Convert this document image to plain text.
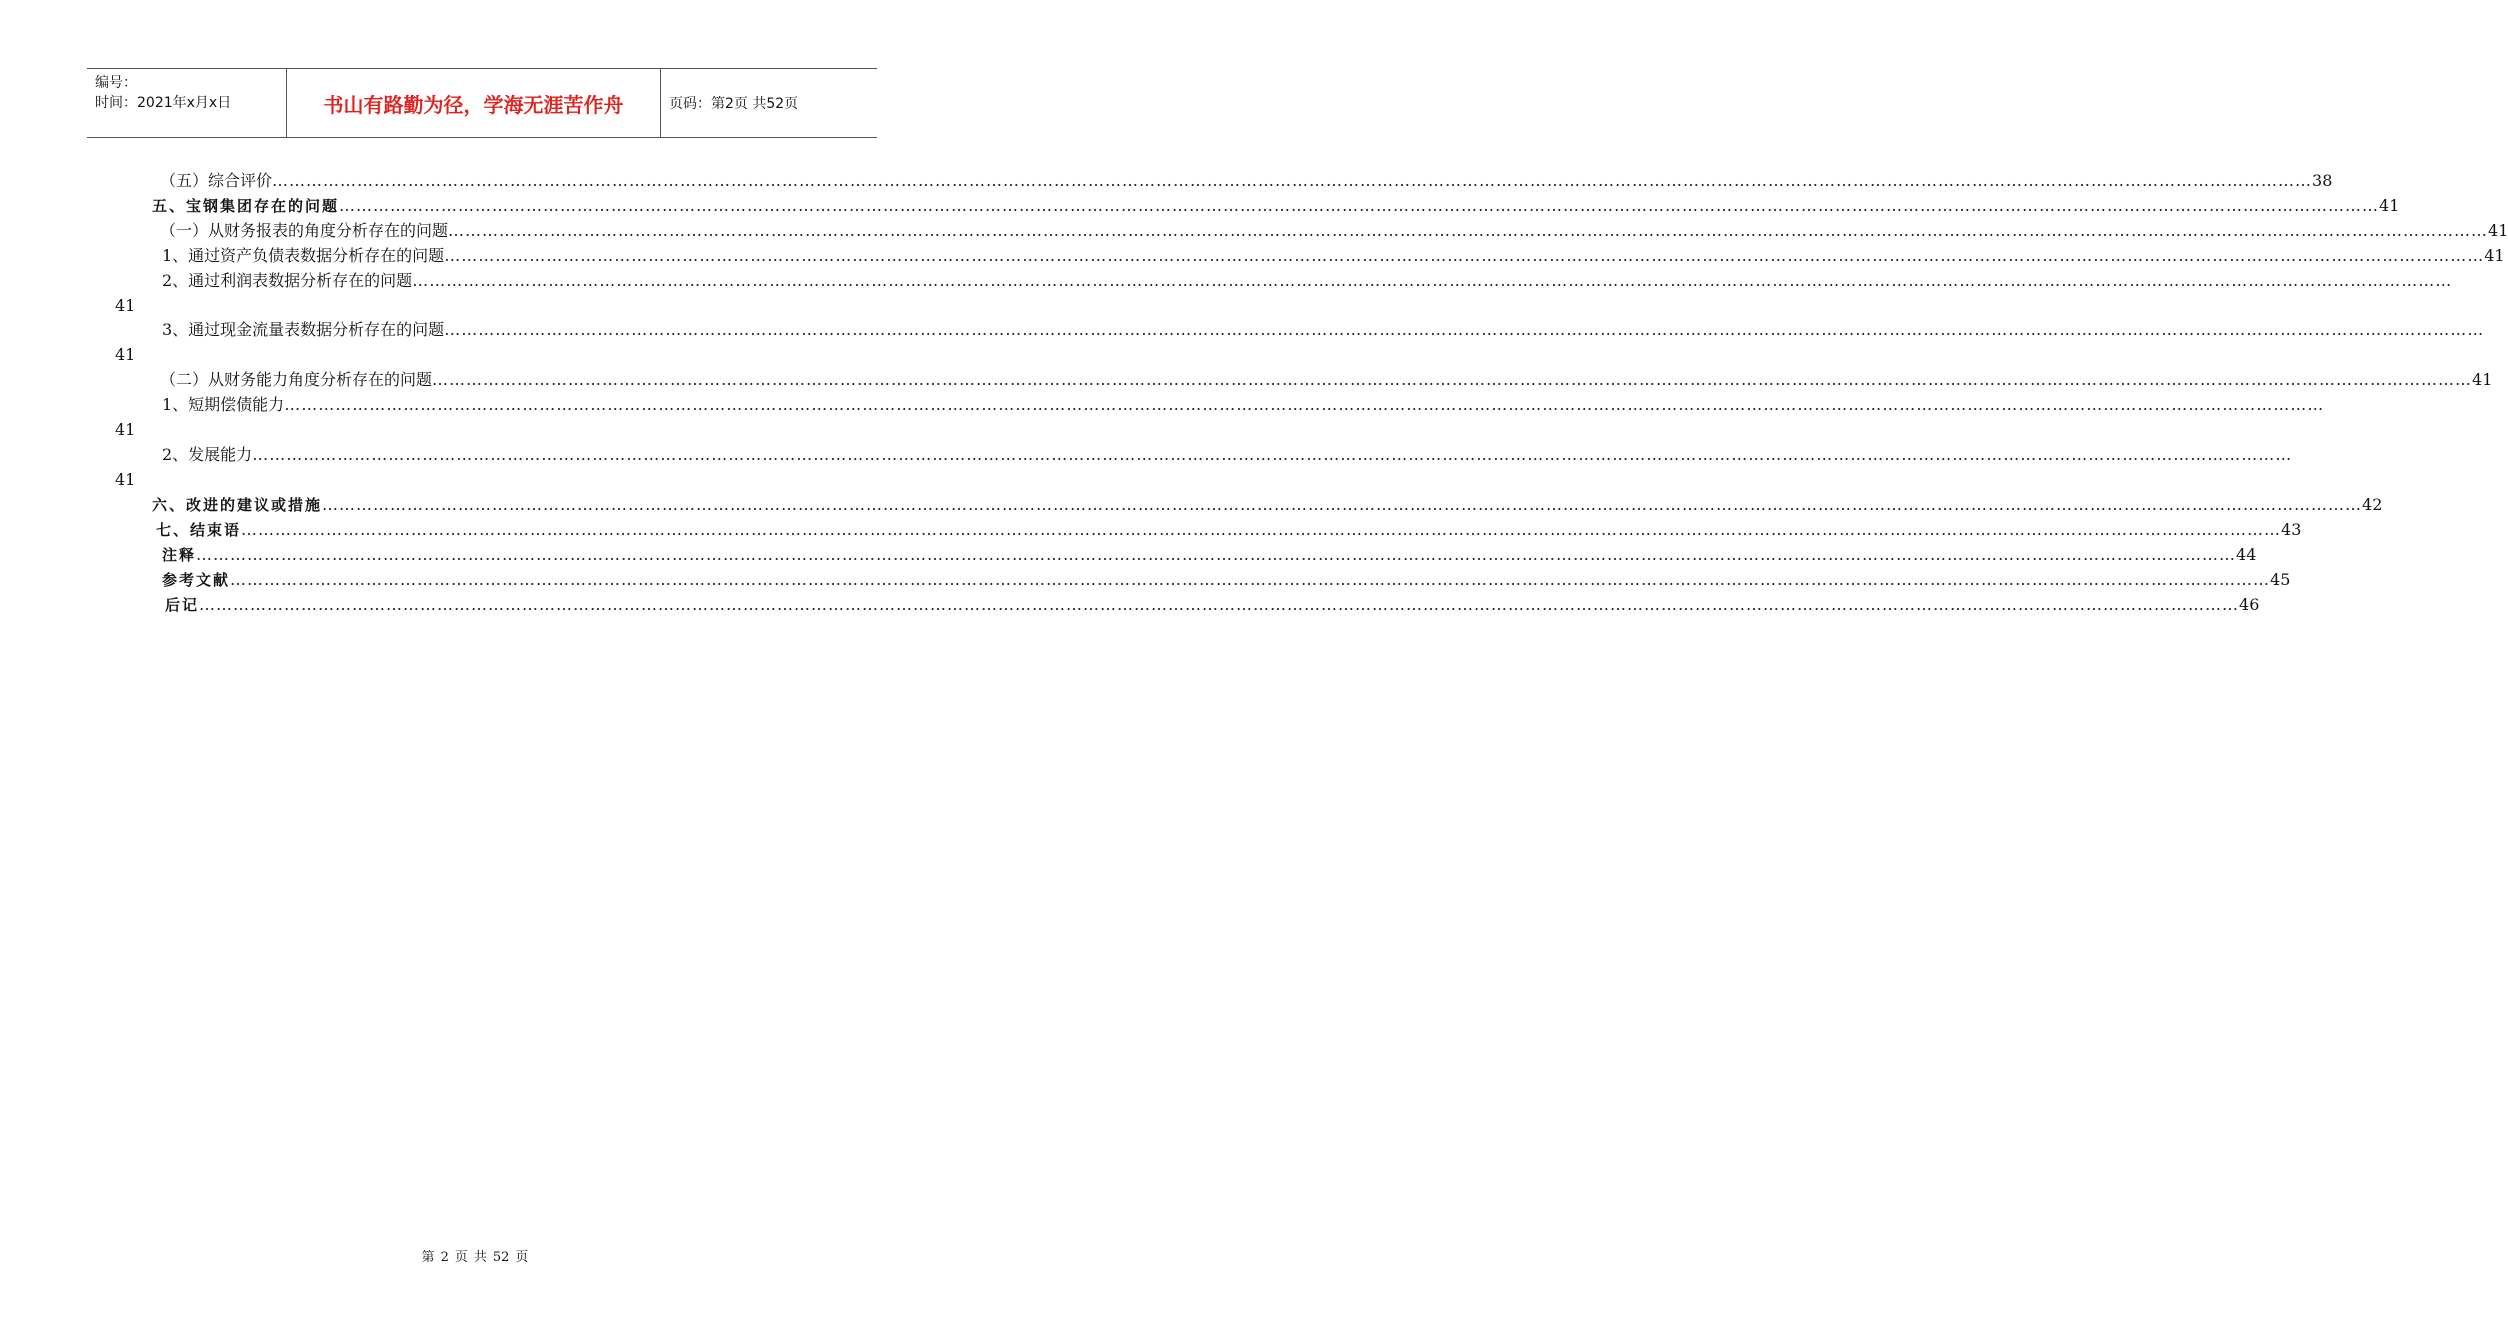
编号：
时间：2021年x月x日	书山有路勤为径，学海无涯苦作舟	页码：第2页 共52页
（五）综合评价 ……………………………………………………………………………………………………………………………………………………………………………………………………………………………………………………………………………………………………………………………… 38
五、宝钢集团存在的问题 ……………………………………………………………………………………………………………………………………………………………………………………………………………………………………………………………………………………………………………………………… 41
（一）从财务报表的角度分析存在的问题 ……………………………………………………………………………………………………………………………………………………………………………………………………………………………………………………………………………………………………………………………… 41
1、通过资产负债表数据分析存在的问题 ……………………………………………………………………………………………………………………………………………………………………………………………………………………………………………………………………………………………………………………………… 41
2、通过利润表数据分析存在的问题 ………………………………………………………………………………………………………………………………………………………………………………………………………………………………………………………………………………………………………………………………
41
3、通过现金流量表数据分析存在的问题 ………………………………………………………………………………………………………………………………………………………………………………………………………………………………………………………………………………………………………………………………
41
（二）从财务能力角度分析存在的问题 ……………………………………………………………………………………………………………………………………………………………………………………………………………………………………………………………………………………………………………………………… 41
1、短期偿债能力 ………………………………………………………………………………………………………………………………………………………………………………………………………………………………………………………………………………………………………………………………
41
2、发展能力 ………………………………………………………………………………………………………………………………………………………………………………………………………………………………………………………………………………………………………………………………
41
六、改进的建议或措施 ……………………………………………………………………………………………………………………………………………………………………………………………………………………………………………………………………………………………………………………………… 42
七、结束语 ……………………………………………………………………………………………………………………………………………………………………………………………………………………………………………………………………………………………………………………………… 43
注释 ……………………………………………………………………………………………………………………………………………………………………………………………………………………………………………………………………………………………………………………………… 44
参考文献 ……………………………………………………………………………………………………………………………………………………………………………………………………………………………………………………………………………………………………………………………… 45
后记 ……………………………………………………………………………………………………………………………………………………………………………………………………………………………………………………………………………………………………………………………… 46
第 2 页 共 52 页
